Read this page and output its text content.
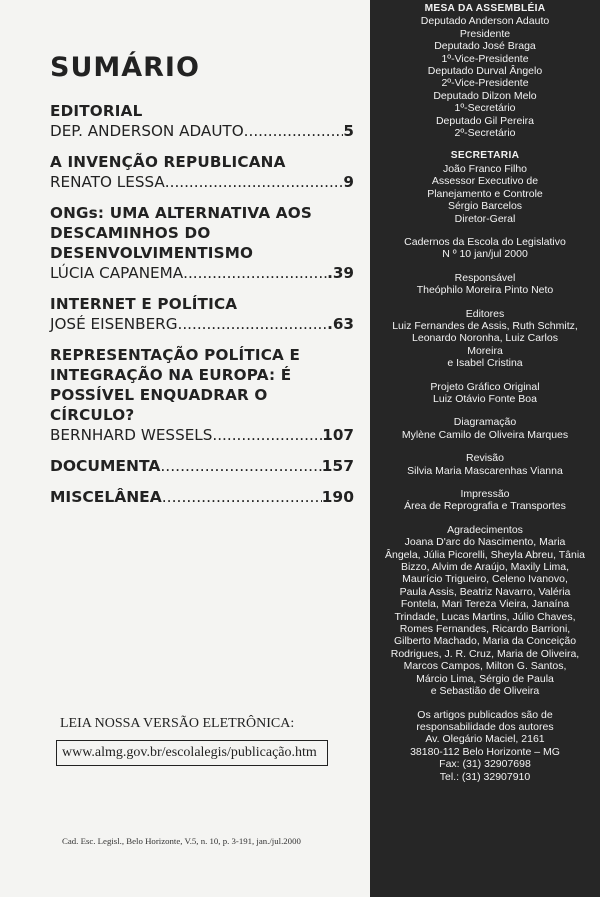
SUMÁRIO
EDITORIAL
DEP. ANDERSON ADAUTO .....	5
A INVENÇÃO REPUBLICANA
RENATO LESSA .....	9
ONGs: UMA ALTERNATIVA AOS
DESCAMINHOS DO
DESENVOLVIMENTISMO
LÚCIA CAPANEMA .....	.39
INTERNET E POLÍTICA
JOSÉ EISENBERG .....	.63
REPRESENTAÇÃO POLÍTICA E
INTEGRAÇÃO NA EUROPA: É
POSSÍVEL ENQUADRAR O
CÍRCULO?
BERNHARD WESSELS .....	107
DOCUMENTA .....	157
MISCELÂNEA .....	190
LEIA NOSSA VERSÃO ELETRÔNICA:
www.almg.gov.br/escolalegis/publicação.htm
Cad. Esc. Legisl., Belo Horizonte, V.5, n. 10, p. 3-191, jan./jul.2000
MESA DA ASSEMBLÉIA
Deputado Anderson Adauto
Presidente
Deputado José Braga
1º-Vice-Presidente
Deputado Durval Ângelo
2º-Vice-Presidente
Deputado Dilzon Melo
1º-Secretário
Deputado Gil Pereira
2º-Secretário
SECRETARIA
João Franco Filho
Assessor Executivo de
Planejamento e Controle
Sérgio Barcelos
Diretor-Geral
Cadernos da Escola do Legislativo
N º 10 jan/jul 2000
Responsável
Theóphilo Moreira Pinto Neto
Editores
Luiz Fernandes de Assis, Ruth Schmitz,
Leonardo Noronha, Luiz Carlos
Moreira
e Isabel Cristina
Projeto Gráfico Original
Luiz Otávio Fonte Boa
Diagramação
Mylène Camilo de Oliveira Marques
Revisão
Silvia Maria Mascarenhas Vianna
Impressão
Área de Reprografia e Transportes
Agradecimentos
Joana D'arc do Nascimento, Maria
Ângela, Júlia Picorelli, Sheyla Abreu, Tânia
Bizzo, Alvim de Araújo, Maxily Lima,
Maurício Trigueiro, Celeno Ivanovo,
Paula Assis, Beatriz Navarro, Valéria
Fontela, Mari Tereza Vieira, Janaína
Trindade, Lucas Martins, Júlio Chaves,
Romes Fernandes, Ricardo Barrioni,
Gilberto Machado, Maria da Conceição
Rodrigues, J. R. Cruz, Maria de Oliveira,
Marcos Campos, Milton G. Santos,
Márcio Lima, Sérgio de Paula
e Sebastião de Oliveira
Os artigos publicados são de
responsabilidade dos autores
Av. Olegário Maciel, 2161
38180-112 Belo Horizonte – MG
Fax: (31) 32907698
Tel.: (31) 32907910
